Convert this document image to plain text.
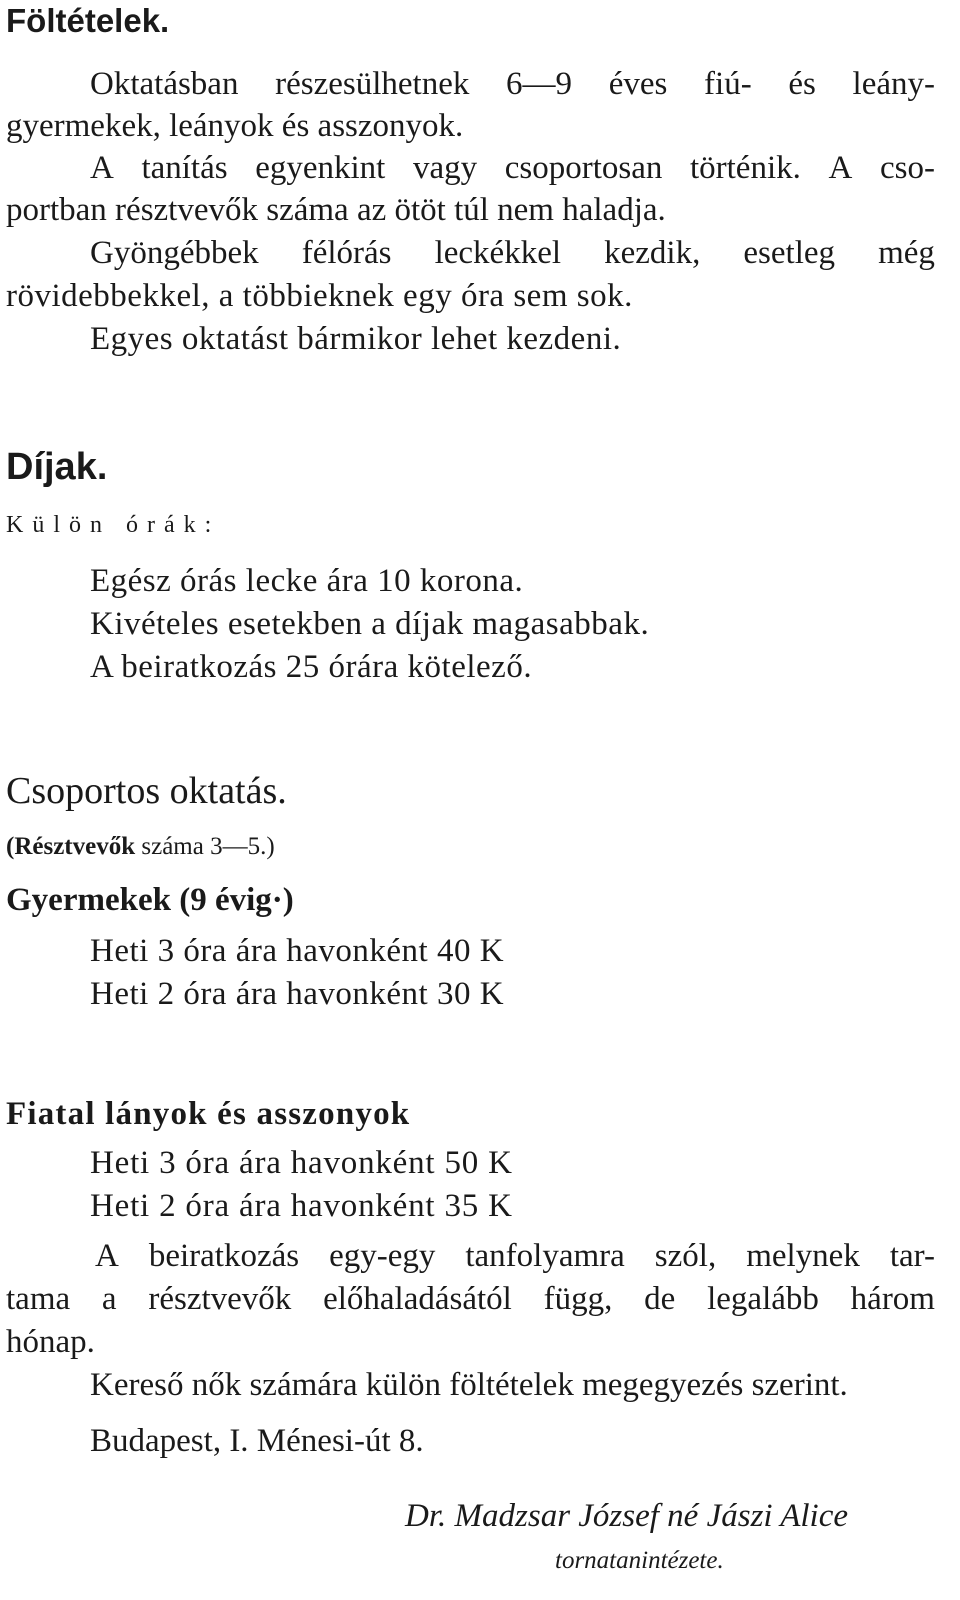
Föltételek.
Oktatásban részesülhetnek 6—9 éves fiú- és leány-
gyermekek, leányok és asszonyok.
A tanítás egyenkint vagy csoportosan történik. A cso-
portban résztvevők száma az ötöt túl nem haladja.
Gyöngébbek félórás leckékkel kezdik, esetleg még
rövidebbekkel, a többieknek egy óra sem sok.
Egyes oktatást bármikor lehet kezdeni.
Díjak.
Külön órák:
Egész órás lecke ára 10 korona.
Kivételes esetekben a díjak magasabbak.
A beiratkozás 25 órára kötelező.
Csoportos oktatás.
(Résztvevők száma 3—5.)
Gyermekek (9 évig·)
Heti 3 óra ára havonként 40 K
Heti 2 óra ára havonként 30 K
Fiatal lányok és asszonyok
Heti 3 óra ára havonként 50 K
Heti 2 óra ára havonként 35 K
A beiratkozás egy-egy tanfolyamra szól, melynek tar-
tama a résztvevők előhaladásától függ, de legalább három
hónap.
Kereső nők számára külön föltételek megegyezés szerint.
Budapest, I. Ménesi-út 8.
Dr. Madzsar József né Jászi Alice
tornatanintézete.
